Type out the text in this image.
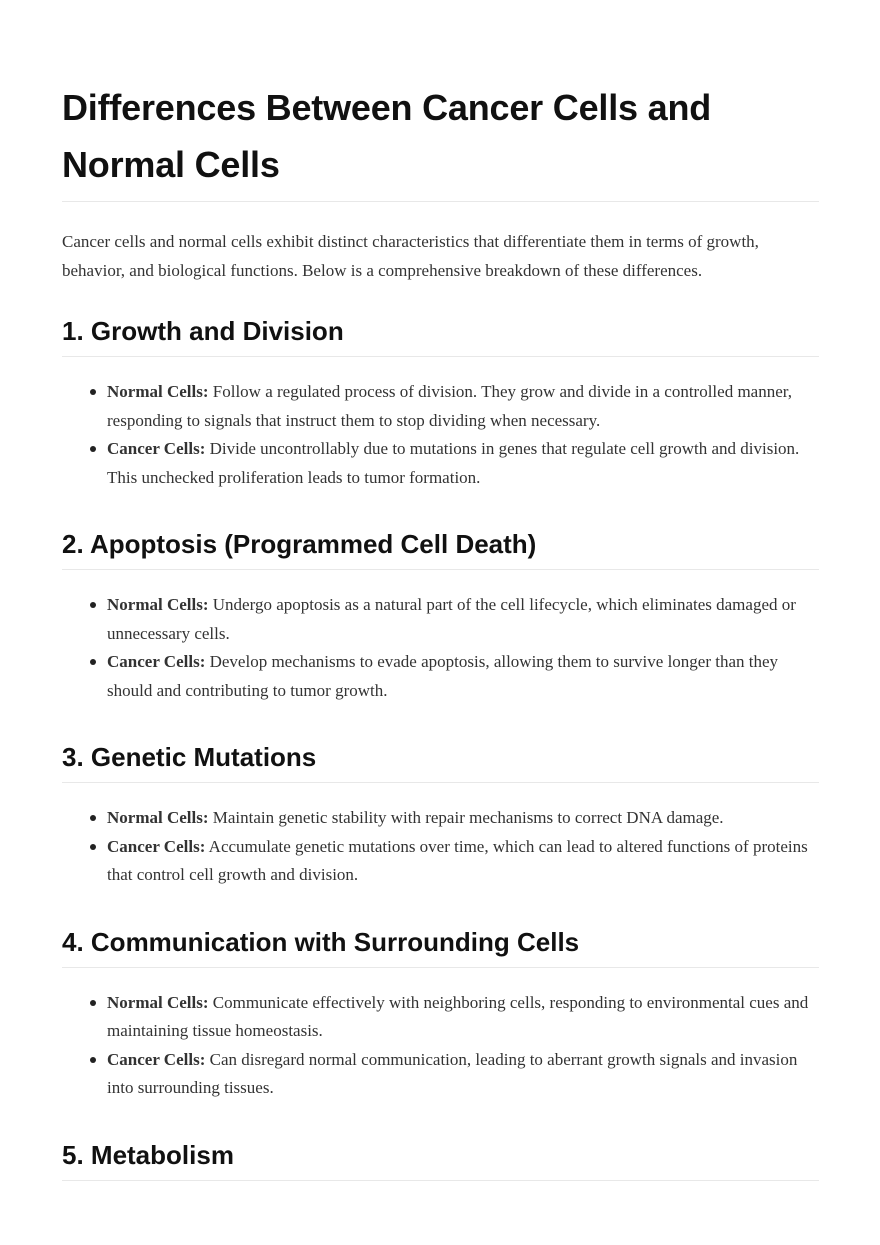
Differences Between Cancer Cells and Normal Cells

Cancer cells and normal cells exhibit distinct characteristics that differentiate them in terms of growth, behavior, and biological functions. Below is a comprehensive breakdown of these differences.

1. Growth and Division
Normal Cells: Follow a regulated process of division. They grow and divide in a controlled manner, responding to signals that instruct them to stop dividing when necessary.
Cancer Cells: Divide uncontrollably due to mutations in genes that regulate cell growth and division. This unchecked proliferation leads to tumor formation.
2. Apoptosis (Programmed Cell Death)
Normal Cells: Undergo apoptosis as a natural part of the cell lifecycle, which eliminates damaged or unnecessary cells.
Cancer Cells: Develop mechanisms to evade apoptosis, allowing them to survive longer than they should and contributing to tumor growth.
3. Genetic Mutations
Normal Cells: Maintain genetic stability with repair mechanisms to correct DNA damage.
Cancer Cells: Accumulate genetic mutations over time, which can lead to altered functions of proteins that control cell growth and division.
4. Communication with Surrounding Cells
Normal Cells: Communicate effectively with neighboring cells, responding to environmental cues and maintaining tissue homeostasis.
Cancer Cells: Can disregard normal communication, leading to aberrant growth signals and invasion into surrounding tissues.
5. Metabolism
